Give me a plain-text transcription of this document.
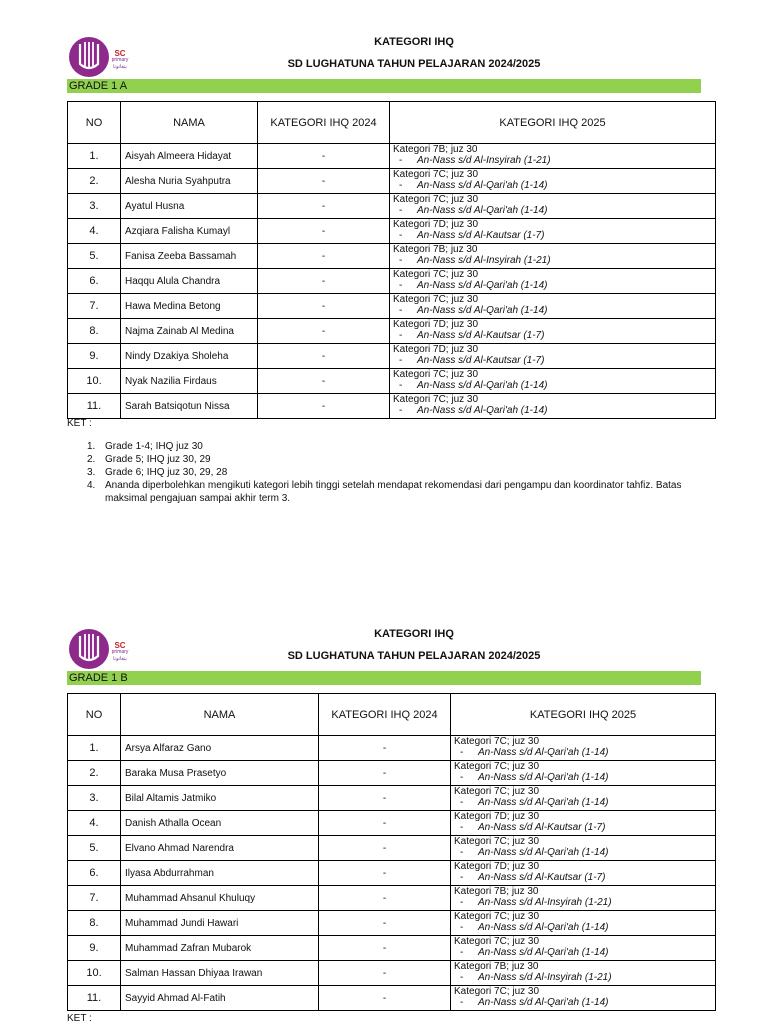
SC
primary
بتغاتونا
KATEGORI IHQ
SD LUGHATUNA TAHUN PELAJARAN 2024/2025
GRADE 1 A
NO	NAMA	KATEGORI IHQ 2024	KATEGORI IHQ 2025
1.	Aisyah Almeera Hidayat	-	Kategori 7B; juz 30
- An-Nass s/d Al-Insyirah (1-21)

2.	Alesha Nuria Syahputra	-	Kategori 7C; juz 30
- An-Nass s/d Al-Qari'ah (1-14)

3.	Ayatul Husna	-	Kategori 7C; juz 30
- An-Nass s/d Al-Qari'ah (1-14)

4.	Azqiara Falisha Kumayl	-	Kategori 7D; juz 30
- An-Nass s/d Al-Kautsar (1-7)

5.	Fanisa Zeeba Bassamah	-	Kategori 7B; juz 30
- An-Nass s/d Al-Insyirah (1-21)

6.	Haqqu Alula Chandra	-	Kategori 7C; juz 30
- An-Nass s/d Al-Qari'ah (1-14)

7.	Hawa Medina Betong	-	Kategori 7C; juz 30
- An-Nass s/d Al-Qari'ah (1-14)

8.	Najma Zainab Al Medina	-	Kategori 7D; juz 30
- An-Nass s/d Al-Kautsar (1-7)

9.	Nindy Dzakiya Sholeha	-	Kategori 7D; juz 30
- An-Nass s/d Al-Kautsar (1-7)

10.	Nyak Nazilia Firdaus	-	Kategori 7C; juz 30
- An-Nass s/d Al-Qari'ah (1-14)

11.	Sarah Batsiqotun Nissa	-	Kategori 7C; juz 30
- An-Nass s/d Al-Qari'ah (1-14)
KET :
1. Grade 1-4; IHQ juz 30
2. Grade 5; IHQ juz 30, 29
3. Grade 6; IHQ juz 30, 29, 28
4. Ananda diperbolehkan mengikuti kategori lebih tinggi setelah mendapat rekomendasi dari pengampu dan koordinator tahfiz. Batas maksimal pengajuan sampai akhir term 3.
SC
primary
بتغاتونا
KATEGORI IHQ
SD LUGHATUNA TAHUN PELAJARAN 2024/2025
GRADE 1 B
NO	NAMA	KATEGORI IHQ 2024	KATEGORI IHQ 2025
1.	Arsya Alfaraz Gano	-	Kategori 7C; juz 30
- An-Nass s/d Al-Qari'ah (1-14)

2.	Baraka Musa Prasetyo	-	Kategori 7C; juz 30
- An-Nass s/d Al-Qari'ah (1-14)

3.	Bilal Altamis Jatmiko	-	Kategori 7C; juz 30
- An-Nass s/d Al-Qari'ah (1-14)

4.	Danish Athalla Ocean	-	Kategori 7D; juz 30
- An-Nass s/d Al-Kautsar (1-7)

5.	Elvano Ahmad Narendra	-	Kategori 7C; juz 30
- An-Nass s/d Al-Qari'ah (1-14)

6.	Ilyasa Abdurrahman	-	Kategori 7D; juz 30
- An-Nass s/d Al-Kautsar (1-7)

7.	Muhammad Ahsanul Khuluqy	-	Kategori 7B; juz 30
- An-Nass s/d Al-Insyirah (1-21)

8.	Muhammad Jundi Hawari	-	Kategori 7C; juz 30
- An-Nass s/d Al-Qari'ah (1-14)

9.	Muhammad Zafran Mubarok	-	Kategori 7C; juz 30
- An-Nass s/d Al-Qari'ah (1-14)

10.	Salman Hassan Dhiyaa Irawan	-	Kategori 7B; juz 30
- An-Nass s/d Al-Insyirah (1-21)

11.	Sayyid Ahmad Al-Fatih	-	Kategori 7C; juz 30
- An-Nass s/d Al-Qari'ah (1-14)
KET :
